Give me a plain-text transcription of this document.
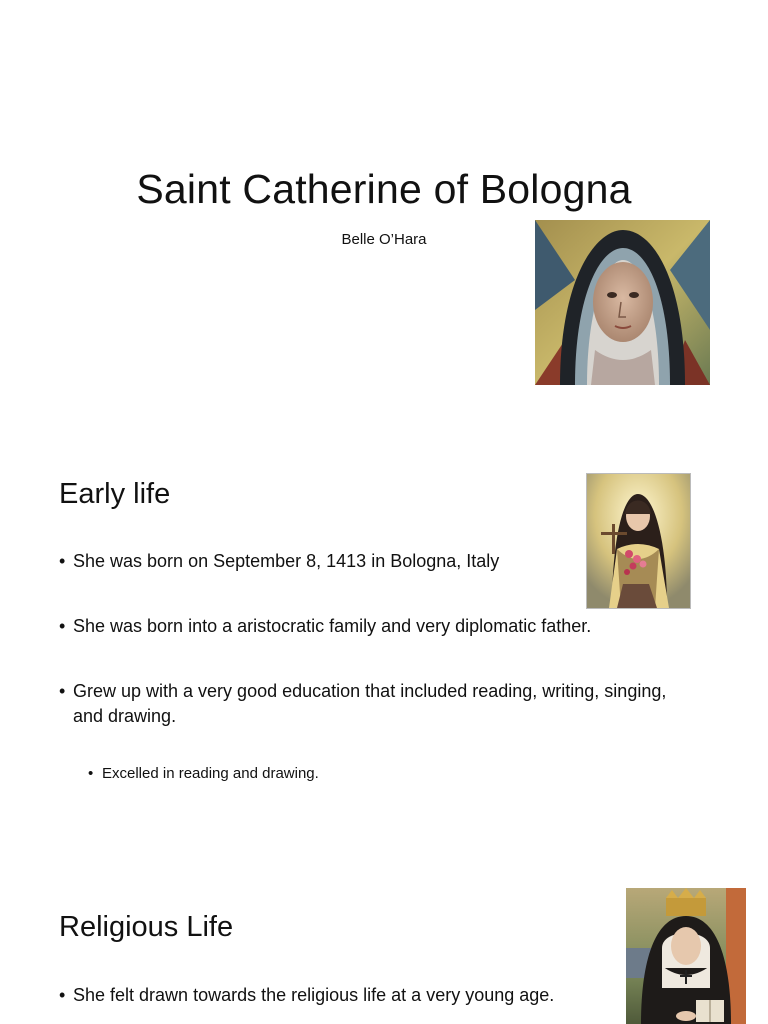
Saint Catherine of Bologna
Belle O’Hara
Early life
• She was born on September 8, 1413 in Bologna, Italy
• She was born into a aristocratic family and very diplomatic father.
• Grew up with a very good education that included reading, writing, singing, and drawing.
• Excelled in reading and drawing.
Religious Life
• She felt drawn towards the religious life at a very young age.
